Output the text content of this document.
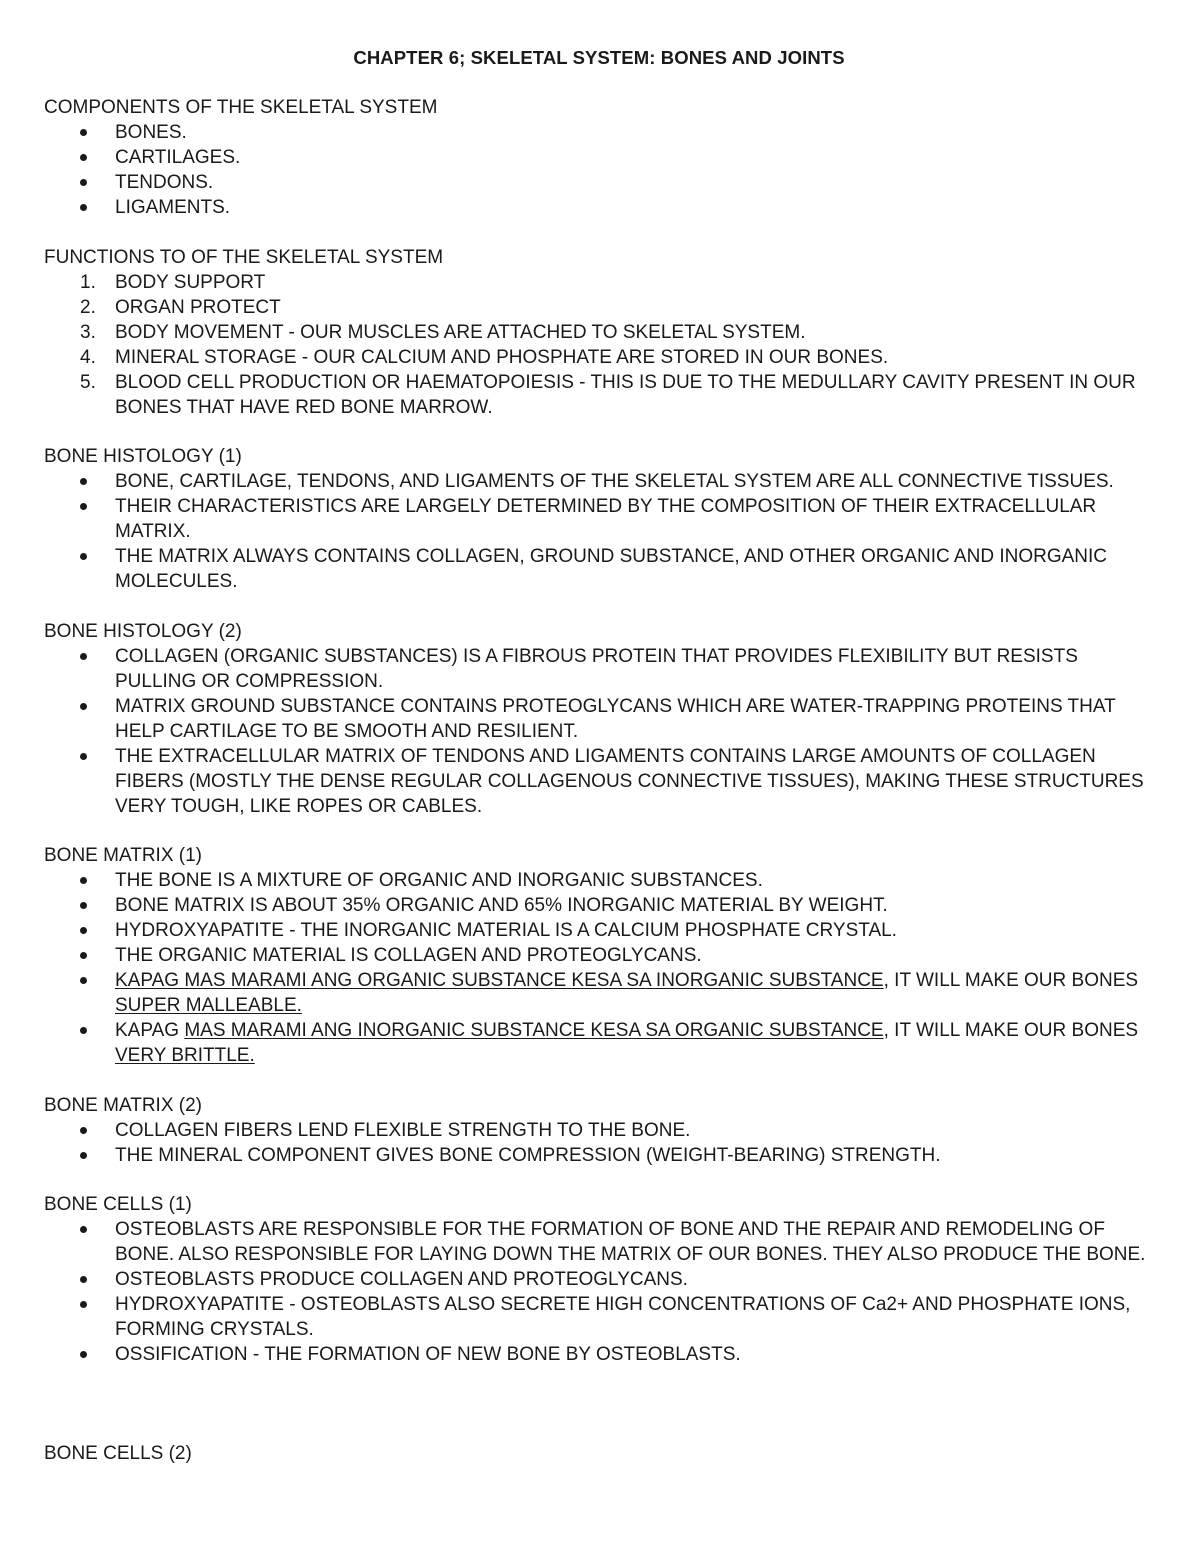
CHAPTER 6; SKELETAL SYSTEM: BONES AND JOINTS
COMPONENTS OF THE SKELETAL SYSTEM
BONES.
CARTILAGES.
TENDONS.
LIGAMENTS.
FUNCTIONS TO OF THE SKELETAL SYSTEM
1. BODY SUPPORT
2. ORGAN PROTECT
3. BODY MOVEMENT - OUR MUSCLES ARE ATTACHED TO SKELETAL SYSTEM.
4. MINERAL STORAGE - OUR CALCIUM AND PHOSPHATE ARE STORED IN OUR BONES.
5. BLOOD CELL PRODUCTION OR HAEMATOPOIESIS - THIS IS DUE TO THE MEDULLARY CAVITY PRESENT IN OUR BONES THAT HAVE RED BONE MARROW.
BONE HISTOLOGY (1)
BONE, CARTILAGE, TENDONS, AND LIGAMENTS OF THE SKELETAL SYSTEM ARE ALL CONNECTIVE TISSUES.
THEIR CHARACTERISTICS ARE LARGELY DETERMINED BY THE COMPOSITION OF THEIR EXTRACELLULAR MATRIX.
THE MATRIX ALWAYS CONTAINS COLLAGEN, GROUND SUBSTANCE, AND OTHER ORGANIC AND INORGANIC MOLECULES.
BONE HISTOLOGY (2)
COLLAGEN (ORGANIC SUBSTANCES) IS A FIBROUS PROTEIN THAT PROVIDES FLEXIBILITY BUT RESISTS PULLING OR COMPRESSION.
MATRIX GROUND SUBSTANCE CONTAINS PROTEOGLYCANS WHICH ARE WATER-TRAPPING PROTEINS THAT HELP CARTILAGE TO BE SMOOTH AND RESILIENT.
THE EXTRACELLULAR MATRIX OF TENDONS AND LIGAMENTS CONTAINS LARGE AMOUNTS OF COLLAGEN FIBERS (MOSTLY THE DENSE REGULAR COLLAGENOUS CONNECTIVE TISSUES), MAKING THESE STRUCTURES VERY TOUGH, LIKE ROPES OR CABLES.
BONE MATRIX (1)
THE BONE IS A MIXTURE OF ORGANIC AND INORGANIC SUBSTANCES.
BONE MATRIX IS ABOUT 35% ORGANIC AND 65% INORGANIC MATERIAL BY WEIGHT.
HYDROXYAPATITE - THE INORGANIC MATERIAL IS A CALCIUM PHOSPHATE CRYSTAL.
THE ORGANIC MATERIAL IS COLLAGEN AND PROTEOGLYCANS.
KAPAG MAS MARAMI ANG ORGANIC SUBSTANCE KESA SA INORGANIC SUBSTANCE, IT WILL MAKE OUR BONES SUPER MALLEABLE.
KAPAG MAS MARAMI ANG INORGANIC SUBSTANCE KESA SA ORGANIC SUBSTANCE, IT WILL MAKE OUR BONES VERY BRITTLE.
BONE MATRIX (2)
COLLAGEN FIBERS LEND FLEXIBLE STRENGTH TO THE BONE.
THE MINERAL COMPONENT GIVES BONE COMPRESSION (WEIGHT-BEARING) STRENGTH.
BONE CELLS (1)
OSTEOBLASTS ARE RESPONSIBLE FOR THE FORMATION OF BONE AND THE REPAIR AND REMODELING OF BONE. ALSO RESPONSIBLE FOR LAYING DOWN THE MATRIX OF OUR BONES. THEY ALSO PRODUCE THE BONE.
OSTEOBLASTS PRODUCE COLLAGEN AND PROTEOGLYCANS.
HYDROXYAPATITE - OSTEOBLASTS ALSO SECRETE HIGH CONCENTRATIONS OF Ca2+ AND PHOSPHATE IONS, FORMING CRYSTALS.
OSSIFICATION - THE FORMATION OF NEW BONE BY OSTEOBLASTS.
BONE CELLS (2)
